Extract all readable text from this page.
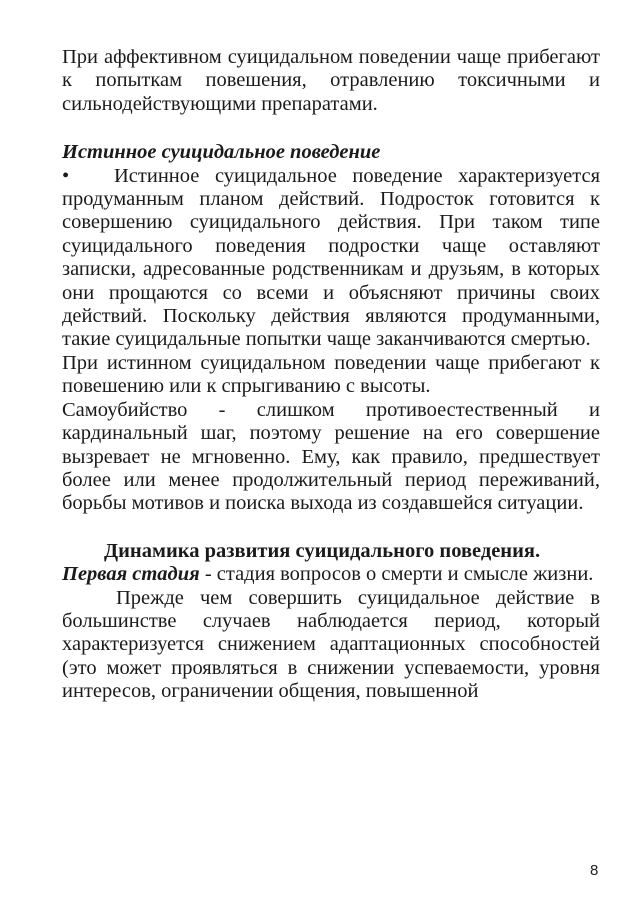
При аффективном суицидальном поведении чаще прибегают к попыткам повешения, отравлению токсичными и сильнодействующими препаратами.

Истинное суицидальное поведение

• Истинное суицидальное поведение характеризуется продуманным планом действий. Подросток готовится к совершению суицидального действия. При таком типе суицидального поведения подростки чаще оставляют записки, адресованные родственникам и друзьям, в которых они прощаются со всеми и объясняют причины своих действий. Поскольку действия являются продуманными, такие суицидальные попытки чаще заканчиваются смертью.

При истинном суицидальном поведении чаще прибегают к повешению или к спрыгиванию с высоты.

Самоубийство - слишком противоестественный и кардинальный шаг, поэтому решение на его совершение вызревает не мгновенно. Ему, как правило, предшествует более или менее продолжительный период переживаний, борьбы мотивов и поиска выхода из создавшейся ситуации.

Динамика развития суицидального поведения.

Первая стадия - стадия вопросов о смерти и смысле жизни.

Прежде чем совершить суицидальное действие в большинстве случаев наблюдается период, который характеризуется снижением адаптационных способностей (это может проявляться в снижении успеваемости, уровня интересов, ограничении общения, повышенной

8
